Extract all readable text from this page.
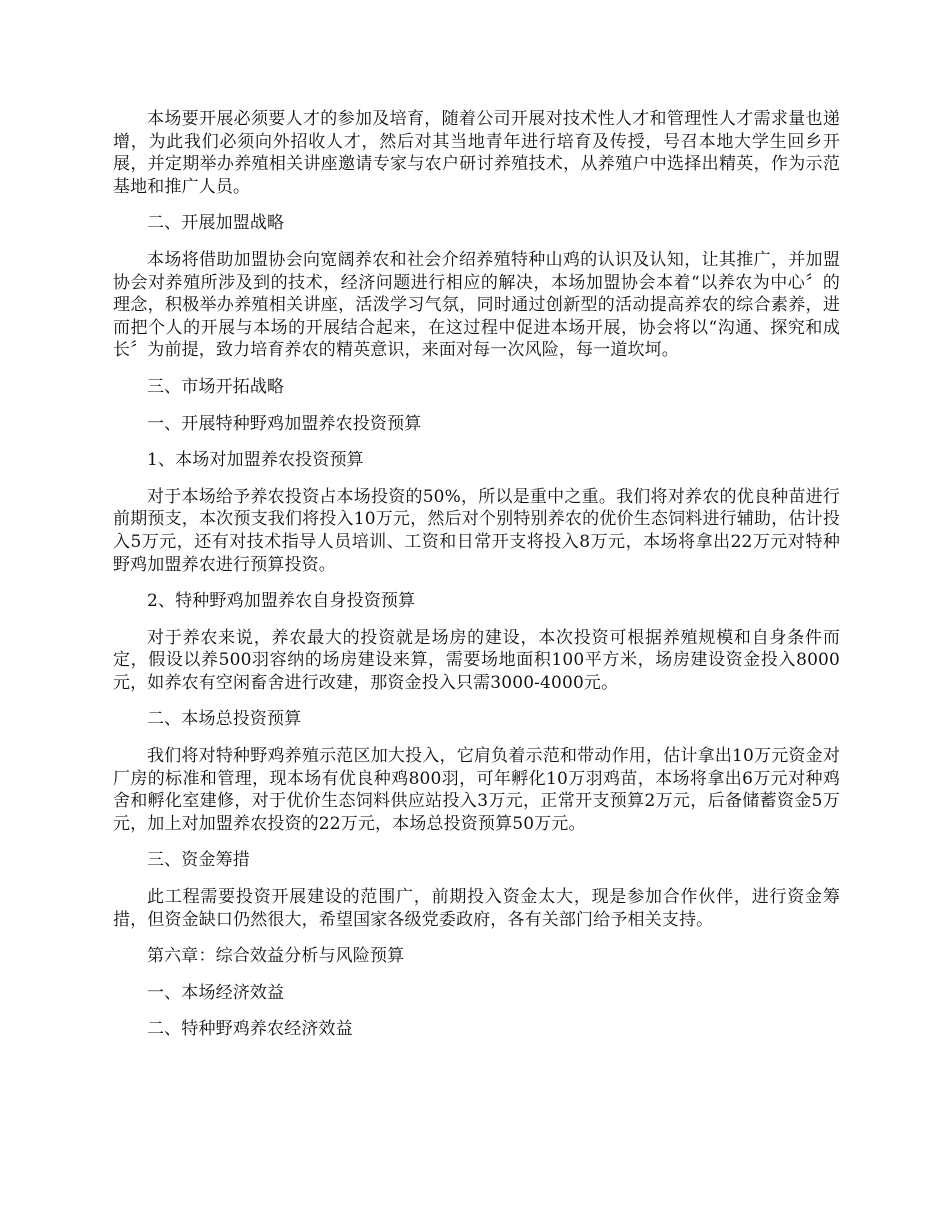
本场要开展必须要人才的参加及培育，随着公司开展对技术性人才和管理性人才需求量也递增，为此我们必须向外招收人才，然后对其当地青年进行培育及传授，号召本地大学生回乡开展，并定期举办养殖相关讲座邀请专家与农户研讨养殖技术，从养殖户中选择出精英，作为示范基地和推广人员。

二、开展加盟战略

本场将借助加盟协会向宽阔养农和社会介绍养殖特种山鸡的认识及认知，让其推广，并加盟协会对养殖所涉及到的技术，经济问题进行相应的解决，本场加盟协会本着“以养农为中心〞的理念，积极举办养殖相关讲座，活泼学习气氛，同时通过创新型的活动提高养农的综合素养，进而把个人的开展与本场的开展结合起来，在这过程中促进本场开展，协会将以“沟通、探究和成长〞为前提，致力培育养农的精英意识，来面对每一次风险，每一道坎坷。

三、市场开拓战略

一、开展特种野鸡加盟养农投资预算

1、本场对加盟养农投资预算

对于本场给予养农投资占本场投资的50%，所以是重中之重。我们将对养农的优良种苗进行前期预支，本次预支我们将投入10万元，然后对个别特别养农的优价生态饲料进行辅助，估计投入5万元，还有对技术指导人员培训、工资和日常开支将投入8万元，本场将拿出22万元对特种野鸡加盟养农进行预算投资。

2、特种野鸡加盟养农自身投资预算

对于养农来说，养农最大的投资就是场房的建设，本次投资可根据养殖规模和自身条件而定，假设以养500羽容纳的场房建设来算，需要场地面积100平方米，场房建设资金投入8000元，如养农有空闲畜舍进行改建，那资金投入只需3000-4000元。

二、本场总投资预算

我们将对特种野鸡养殖示范区加大投入，它肩负着示范和带动作用，估计拿出10万元资金对厂房的标准和管理，现本场有优良种鸡800羽，可年孵化10万羽鸡苗，本场将拿出6万元对种鸡舍和孵化室建修，对于优价生态饲料供应站投入3万元，正常开支预算2万元，后备储蓄资金5万元，加上对加盟养农投资的22万元，本场总投资预算50万元。

三、资金筹措

此工程需要投资开展建设的范围广，前期投入资金太大，现是参加合作伙伴，进行资金筹措，但资金缺口仍然很大，希望国家各级党委政府，各有关部门给予相关支持。

第六章：综合效益分析与风险预算

一、本场经济效益

二、特种野鸡养农经济效益
